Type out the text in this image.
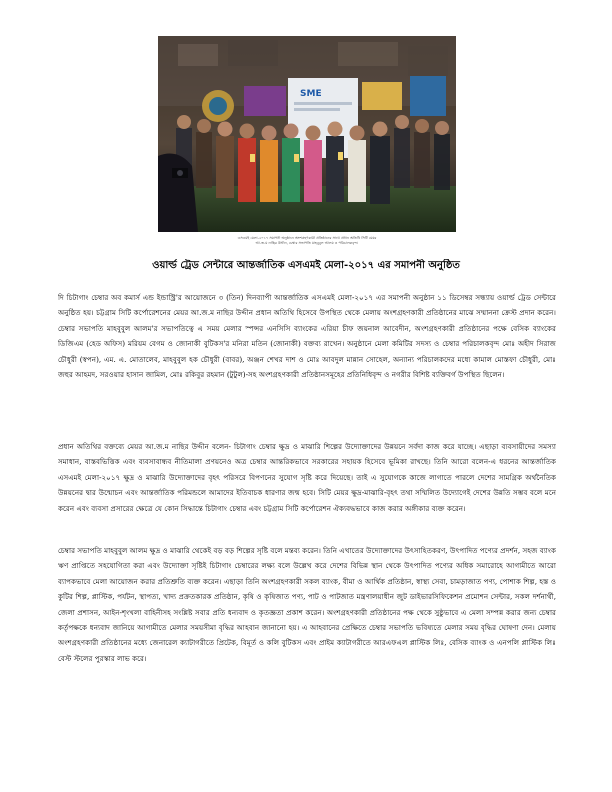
SME
এসএমই মেলা-২০১৭ সমাপনী অনুষ্ঠানে অংশগ্রহণকারী প্রতিষ্ঠানের সাথে প্রধান অতিথি সিটি মেয়র
আ.জ.ম নাছির উদ্দীন, চেম্বার সভাপতি মাহবুবুল আলম ও পরিচালকবৃন্দ।
ওয়ার্ল্ড ট্রেড সেন্টারে আন্তর্জাতিক এসএমই মেলা-২০১৭ এর সমাপনী অনুষ্ঠিত

দি চিটাগাং চেম্বার অব কমার্স এন্ড ইন্ডাস্ট্রি'র আয়োজনে ৩ (তিন) দিনব্যাপী আন্তর্জাতিক এসএমই মেলা-২০১৭ এর সমাপনী অনুষ্ঠান ১১ ডিসেম্বর সন্ধ্যায় ওয়ার্ল্ড ট্রেড সেন্টারে অনুষ্ঠিত হয়। চট্টগ্রাম সিটি কর্পোরেশনের মেয়র আ.জ.ম নাছির উদ্দীন প্রধান অতিথি হিসেবে উপস্থিত থেকে মেলায় অংশগ্রহণকারী প্রতিষ্ঠানের মাঝে সম্মাননা ক্রেস্ট প্রদান করেন। চেম্বার সভাপতি মাহবুবুল আলম'র সভাপতিত্বে এ সময় মেলার স্পন্সর এনসিসি ব্যাংকের এরিয়া চীফ জয়নাল আবেদীন, অংশগ্রহণকারী প্রতিষ্ঠানের পক্ষে বেসিক ব্যাংকের ডিজিএম (হেড অফিস) মরিয়ম বেগম ও জোনাকী বুটিকস'র মনিরা মতিন (জোনাকী) বক্তব্য রাখেন। অনুষ্ঠানে মেলা কমিটির সদস্য ও চেম্বার পরিচালকবৃন্দ মোঃ অহীদ সিরাজ চৌধুরী (স্বপন), এম. এ. মোতালেব, মাহবুবুল হক চৌধুরী (বাবর), অঞ্জন শেখর দাশ ও মোঃ আবদুল মান্নান সোহেল, অন্যান্য পরিচালকদের মধ্যে কামাল মোস্তফা চৌধুরী, মোঃ জহুর আহমদ, সরওয়ার হাসান জামিল, মোঃ রকিবুর রহমান (টুটুল)-সহ অংশগ্রহণকারী প্রতিষ্ঠানসমূহের প্রতিনিধিবৃন্দ ও নগরীর বিশিষ্ট ব্যক্তিবর্গ উপস্থিত ছিলেন।

প্রধান অতিথির বক্তব্যে মেয়র আ.জ.ম নাছির উদ্দীন বলেন- চিটাগাং চেম্বার ক্ষুদ্র ও মাঝারি শিল্পের উদ্যোক্তাদের উন্নয়নে সর্বদা কাজ করে যাচ্ছে। এছাড়া ব্যবসায়ীদের সমস্যা সমাধান, বাস্তবভিত্তিক এবং ব্যবসাবান্ধব নীতিমালা প্রণয়নেও অত্র চেম্বার আন্তরিকভাবে সরকারের সহায়ক হিসেবে ভূমিকা রাখছে। তিনি আরো বলেন-এ ধরনের আন্তর্জাতিক এসএমই মেলা-২০১৭ ক্ষুদ্র ও মাঝারি উদ্যোক্তাদের বৃহৎ পরিসরে বিপণনের সুযোগ সৃষ্টি করে দিয়েছে। তাই এ সুযোগকে কাজে লাগাতে পারলে দেশের সামগ্রিক অর্থনৈতিক উন্নয়নের দ্বার উন্মোচন এবং আন্তর্জাতিক পরিমন্ডলে আমাদের ইতিবাচক ধারণার জন্ম হবে। সিটি মেয়র ক্ষুদ্র-মাঝারি-বৃহৎ তথা সম্মিলিত উদ্যোগেই দেশের উন্নতি সম্ভব বলে মনে করেন এবং ব্যবসা প্রসারের ক্ষেত্রে যে কোন সিদ্ধান্তে চিটাগাং চেম্বার এবং চট্টগ্রাম সিটি কর্পোরেশন ঐক্যবদ্ধভাবে কাজ করার অঙ্গীকার ব্যক্ত করেন।

চেম্বার সভাপতি মাহবুবুল আলম ক্ষুদ্র ও মাঝারি থেকেই বড় বড় শিল্পের সৃষ্টি বলে মন্তব্য করেন। তিনি এখাতের উদ্যোক্তাদের উৎসাহিতকরণ, উৎপাদিত পণ্যের প্রদর্শন, সহজ ব্যাংক ঋণ প্রাপ্তিতে সহযোগিতা করা এবং উদ্যোক্তা সৃষ্টিই চিটাগাং চেম্বারের লক্ষ্য বলে উল্লেখ করে দেশের বিভিন্ন স্থান থেকে উৎপাদিত পণ্যের অধিক সমারোহে আগামীতে আরো ব্যাপকভাবে মেলা আয়োজন করার প্রতিশ্রুতি ব্যক্ত করেন। এছাড়া তিনি অংশগ্রহণকারী সকল ব্যাংক, বীমা ও আর্থিক প্রতিষ্ঠান, স্বাস্থ্য সেবা, চামড়াজাত পণ্য, পোশাক শিল্প, হস্ত ও কুটির শিল্প, প্লাস্টিক, পর্যটন, স্থাপত্য, খাদ্য প্রক্রতকারক প্রতিষ্ঠান, কৃষি ও কৃষিজাত পণ্য, পাট ও পাটজাত মন্ত্রণালয়াধীন জুট ডাইভারসিফিকেশন প্রমোশন সেন্টার, সকল দর্শনার্থী, জেলা প্রশাসন, আইন-শৃংখলা বাহিনীসহ সংশ্লিষ্ট সবার প্রতি ধন্যবাদ ও কৃতজ্ঞতা প্রকাশ করেন। অংশগ্রহণকারী প্রতিষ্ঠানের পক্ষ থেকে সুষ্ঠুভাবে এ মেলা সম্পন্ন করার জন্য চেম্বার কর্তৃপক্ষকে ধন্যবাদ জানিয়ে আগামীতে মেলার সময়সীমা বৃদ্ধির আহবান জানানো হয়। এ আহবানের প্রেক্ষিতে চেম্বার সভাপতি ভবিষ্যতে মেলার সময় বৃদ্ধির ঘোষণা দেন। মেলায় অংশগ্রহণকারী প্রতিষ্ঠানের মধ্যে জেনারেল ক্যাটাগরীতে প্রিটেক, বিমূর্ত ও কলি বুটিকস এবং প্রাইম ক্যাটাগরীতে আরএফএল প্লাস্টিক লিঃ, বেসিক ব্যাংক ও এনপলি প্লাস্টিক লিঃ বেস্ট স্টলের পুরস্কার লাভ করে।
